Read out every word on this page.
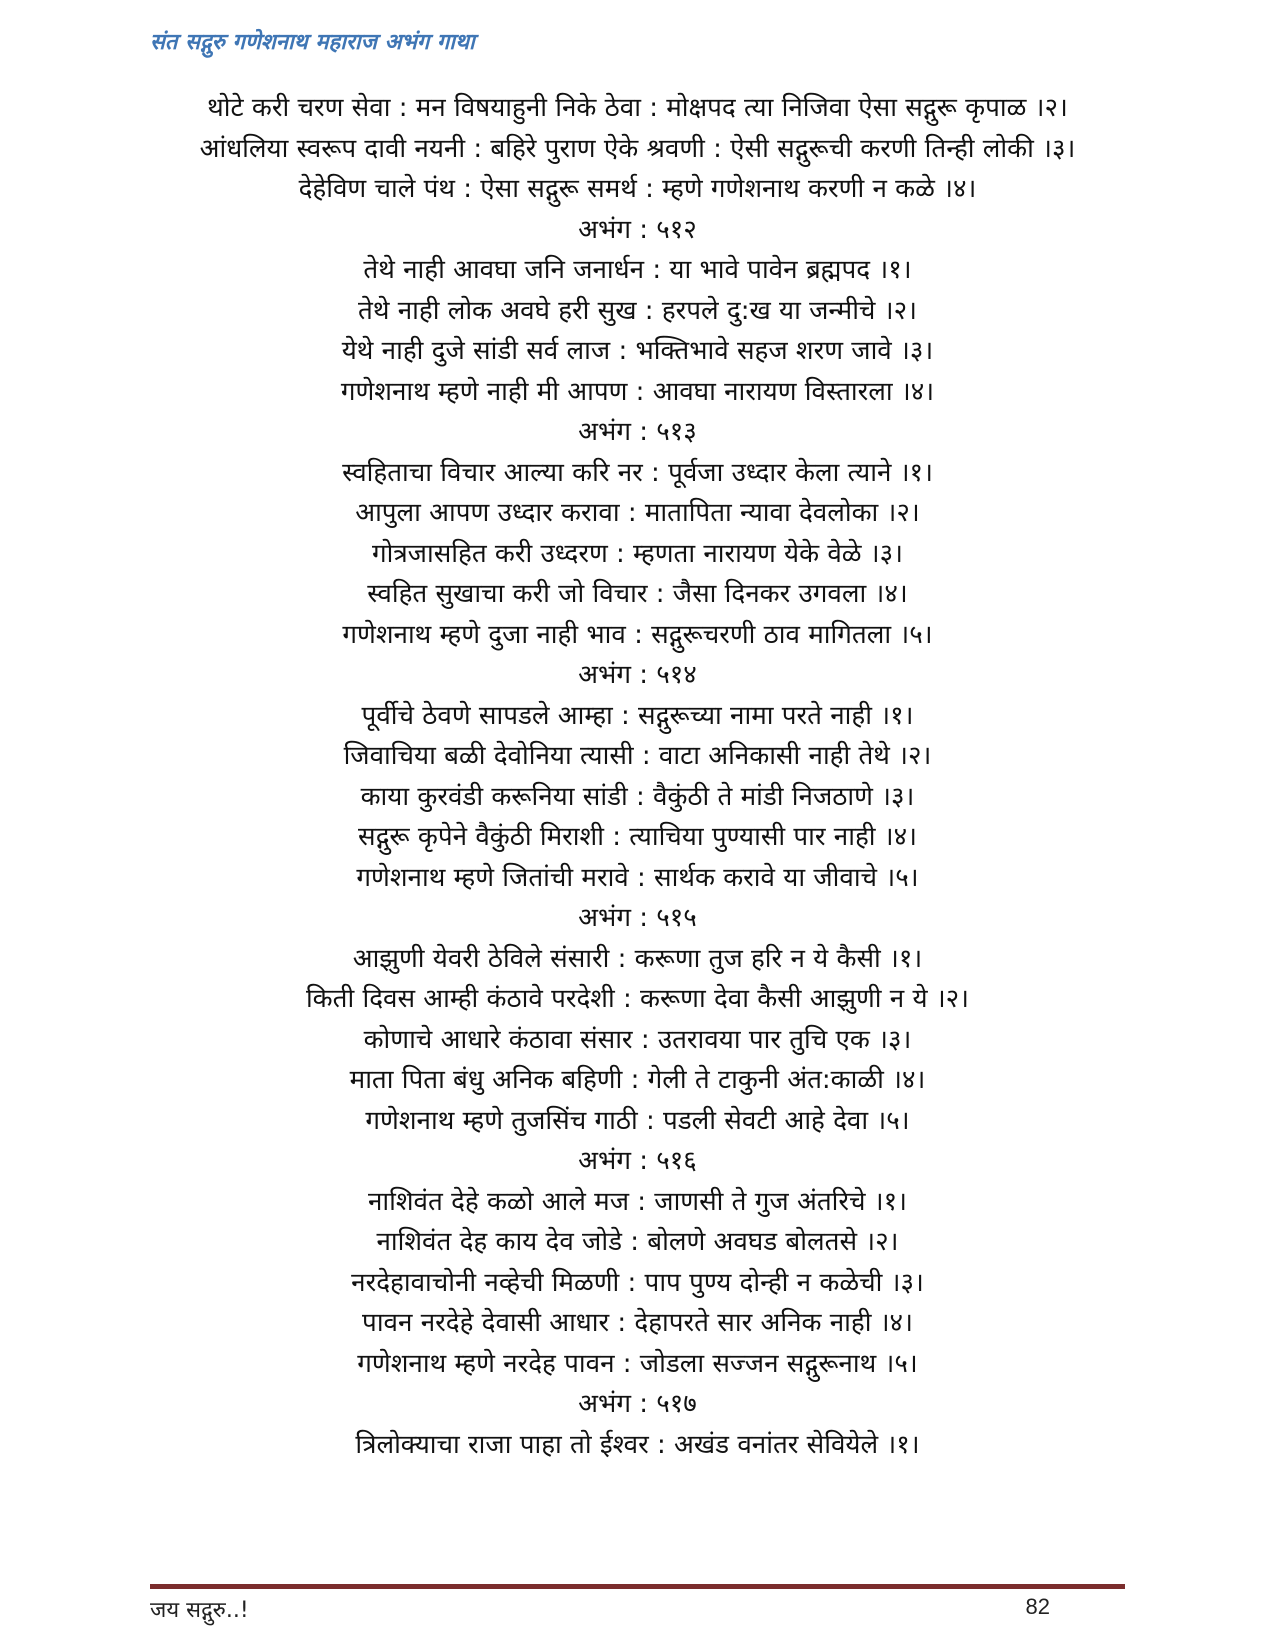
संत सद्गुरु गणेशनाथ महाराज अभंग गाथा
थोटे करी चरण सेवा : मन विषयाहुनी निके ठेवा : मोक्षपद त्या निजिवा ऐसा सद्गुरू कृपाळ ।२।
आंधलिया स्वरूप दावी नयनी : बहिरे पुराण ऐके श्रवणी : ऐसी सद्गुरूची करणी तिन्ही लोकी ।३।
देहेविण चाले पंथ : ऐसा सद्गुरू समर्थ : म्हणे गणेशनाथ करणी न कळे ।४।
अभंग : ५१२
तेथे नाही आवघा जनि जनार्धन : या भावे पावेन ब्रह्मपद ।१।
तेथे नाही लोक अवघे हरी सुख : हरपले दु:ख या जन्मीचे ।२।
येथे नाही दुजे सांडी सर्व लाज : भक्तिभावे सहज शरण जावे ।३।
गणेशनाथ म्हणे नाही मी आपण : आवघा नारायण विस्तारला ।४।
अभंग : ५१३
स्वहिताचा विचार आल्या करि नर : पूर्वजा उध्दार केला त्याने ।१।
आपुला आपण उध्दार करावा : मातापिता न्यावा देवलोका ।२।
गोत्रजासहित करी उध्दरण : म्हणता नारायण येके वेळे ।३।
स्वहित सुखाचा करी जो विचार : जैसा दिनकर उगवला ।४।
गणेशनाथ म्हणे दुजा नाही भाव : सद्गुरूचरणी ठाव मागितला ।५।
अभंग : ५१४
पूर्वीचे ठेवणे सापडले आम्हा : सद्गुरूच्या नामा परते नाही ।१।
जिवाचिया बळी देवोनिया त्यासी : वाटा अनिकासी नाही तेथे ।२।
काया कुरवंडी करूनिया सांडी : वैकुंठी ते मांडी निजठाणे ।३।
सद्गुरू कृपेने वैकुंठी मिराशी : त्याचिया पुण्यासी पार नाही ।४।
गणेशनाथ म्हणे जितांची मरावे : सार्थक करावे या जीवाचे ।५।
अभंग : ५१५
आझुणी येवरी ठेविले संसारी : करूणा तुज हरि न ये कैसी ।१।
किती दिवस आम्ही कंठावे परदेशी : करूणा देवा कैसी आझुणी न ये ।२।
कोणाचे आधारे कंठावा संसार : उतरावया पार तुचि एक ।३।
माता पिता बंधु अनिक बहिणी : गेली ते टाकुनी अंत:काळी ।४।
गणेशनाथ म्हणे तुजसिंच गाठी : पडली सेवटी आहे देवा ।५।
अभंग : ५१६
नाशिवंत देहे कळो आले मज : जाणसी ते गुज अंतरिचे ।१।
नाशिवंत देह काय देव जोडे : बोलणे अवघड बोलतसे ।२।
नरदेहावाचोनी नव्हेची मिळणी : पाप पुण्य दोन्ही न कळेची ।३।
पावन नरदेहे देवासी आधार : देहापरते सार अनिक नाही ।४।
गणेशनाथ म्हणे नरदेह पावन : जोडला सज्जन सद्गुरूनाथ ।५।
अभंग : ५१७
त्रिलोक्याचा राजा पाहा तो ईश्वर : अखंड वनांतर सेवियेले ।१।
जय सद्गुरु..!	82
